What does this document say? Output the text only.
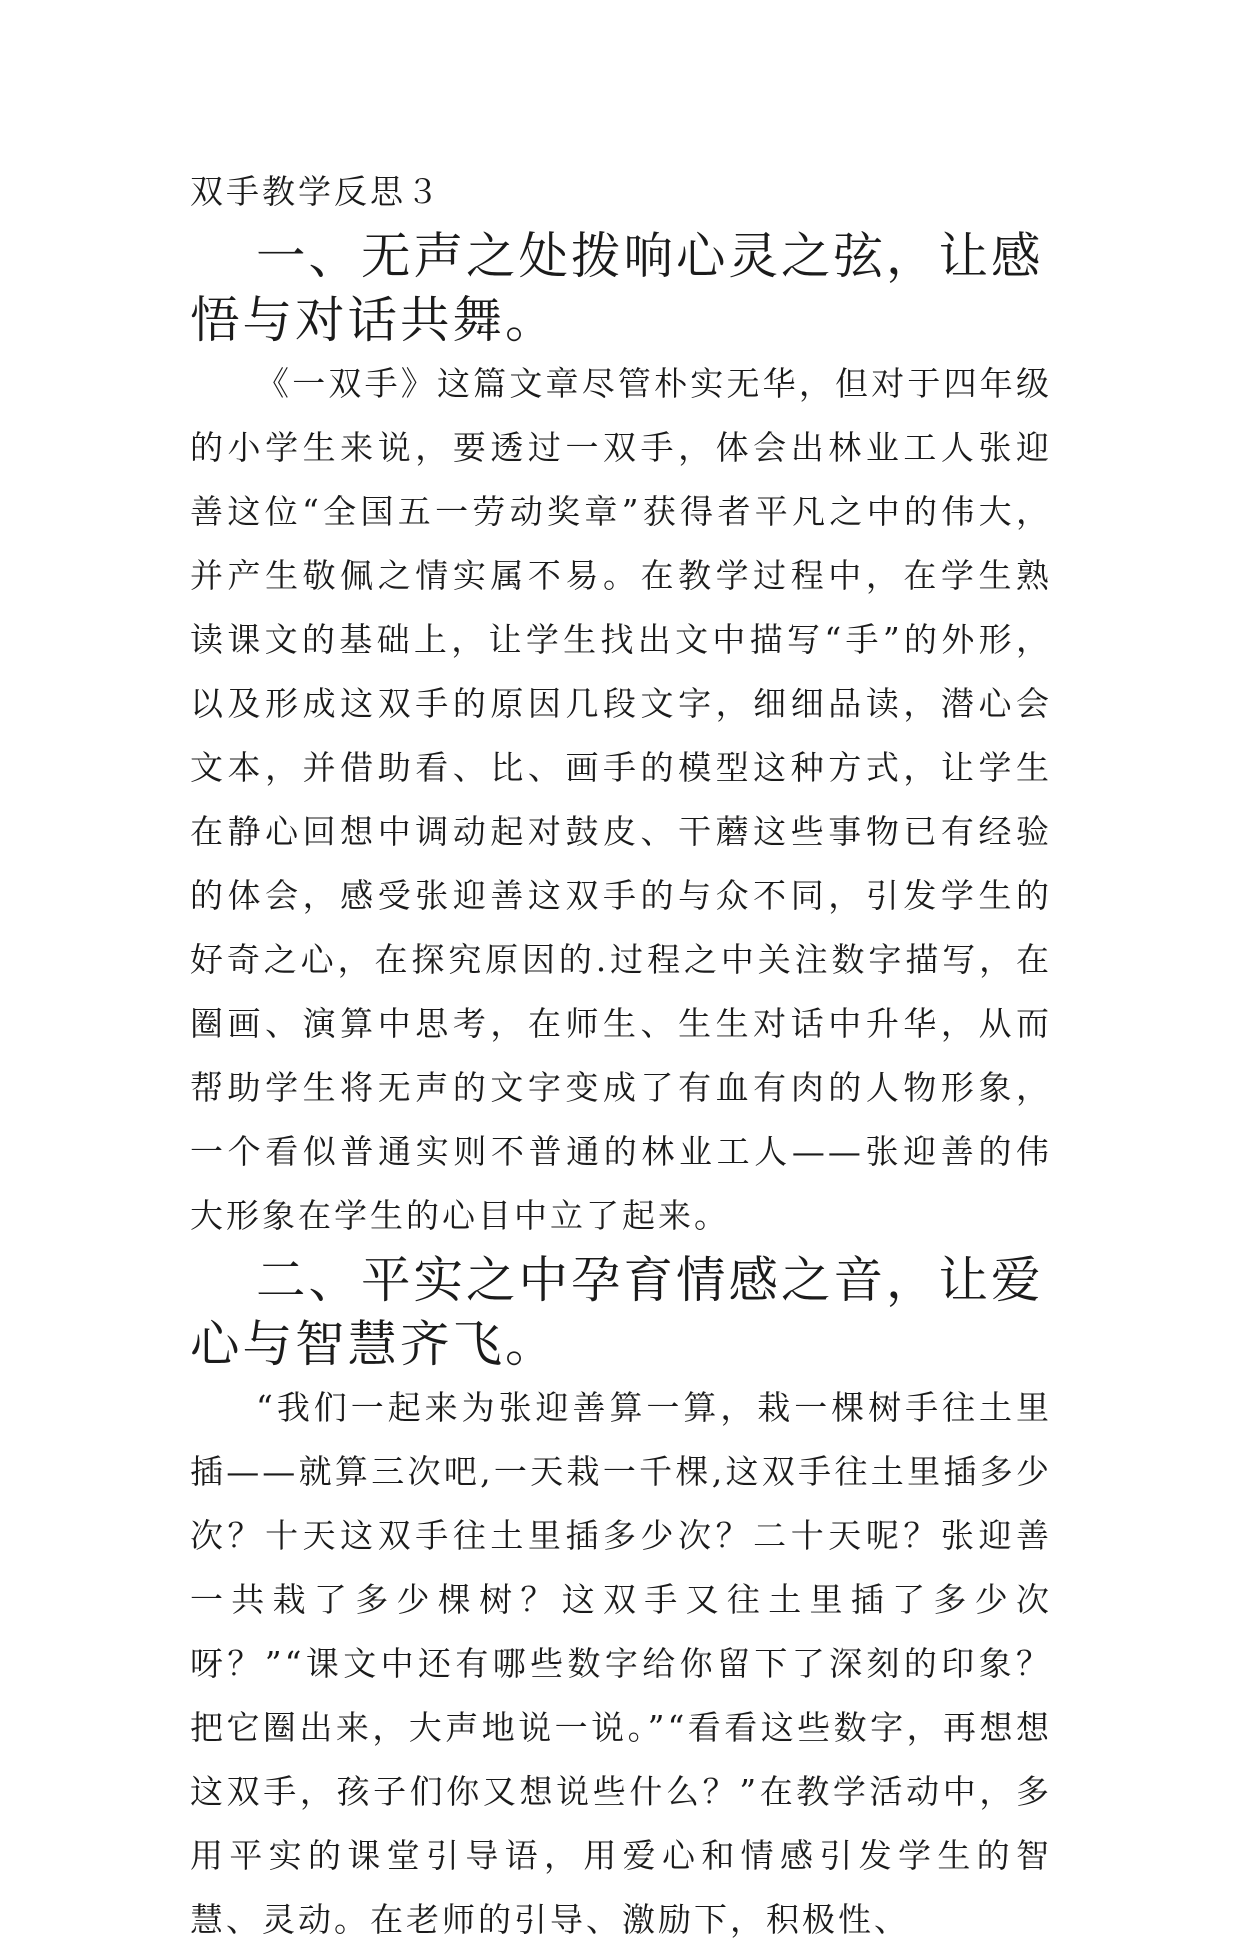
双手教学反思３
一、无声之处拨响心灵之弦，让感悟与对话共舞。

《一双手》这篇文章尽管朴实无华，但对于四年级的小学生来说，要透过一双手，体会出林业工人张迎善这位“全国五一劳动奖章”获得者平凡之中的伟大，并产生敬佩之情实属不易。在教学过程中，在学生熟读课文的基础上，让学生找出文中描写“手”的外形，以及形成这双手的原因几段文字，细细品读，潜心会文本，并借助看、比、画手的模型这种方式，让学生在静心回想中调动起对鼓皮、干蘑这些事物已有经验的体会，感受张迎善这双手的与众不同，引发学生的好奇之心，在探究原因的.过程之中关注数字描写，在圈画、演算中思考，在师生、生生对话中升华，从而帮助学生将无声的文字变成了有血有肉的人物形象，一个看似普通实则不普通的林业工人——张迎善的伟大形象在学生的心目中立了起来。

二、平实之中孕育情感之音，让爱心与智慧齐飞。

“我们一起来为张迎善算一算，栽一棵树手往土里插——就算三次吧,一天栽一千棵,这双手往土里插多少次？十天这双手往土里插多少次？二十天呢？张迎善一共栽了多少棵树？这双手又往土里插了多少次呀？”“课文中还有哪些数字给你留下了深刻的印象？把它圈出来，大声地说一说。”“看看这些数字，再想想这双手，孩子们你又想说些什么？”在教学活动中，多用平实的课堂引导语，用爱心和情感引发学生的智慧、灵动。在老师的引导、激励下，积极性、
